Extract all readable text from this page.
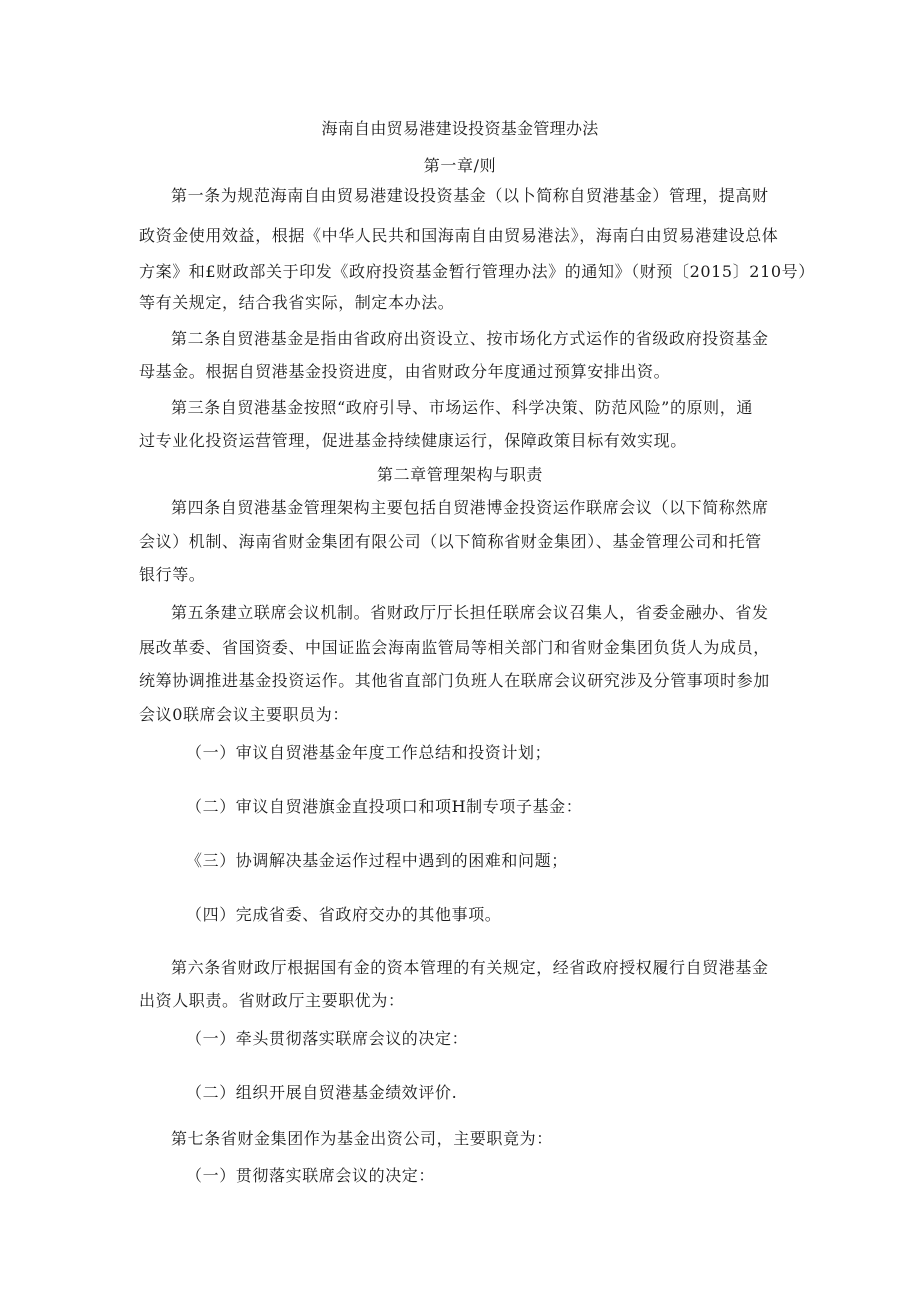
海南自由贸易港建设投资基金管理办法

第一章∕则

第一条为规范海南自由贸易港建设投资基金（以卜简称自贸港基金）管理，提高财

政资金使用效益，根据《中华人民共和国海南自由贸易港法》，海南白由贸易港建设总体

方案》和£财政部关于印发《政府投资基金暂行管理办法》的通知》（财预〔2015〕210号）

等有关规定，结合我省实际，制定本办法。

第二条自贸港基金是指由省政府出资设立、按市场化方式运作的省级政府投资基金

母基金。根据自贸港基金投资进度，由省财政分年度通过预算安排出资。

第三条自贸港基金按照“政府引导、市场运作、科学决策、防范风险”的原则，通

过专业化投资运营管理，促进基金持续健康运行，保障政策目标有效实现。

第二章管理架构与职责

第四条自贸港基金管理架构主要包括自贸港博金投资运作联席会议（以下简称然席

会议）机制、海南省财金集团有限公司（以下简称省财金集团）、基金管理公司和托管

银行等。

第五条建立联席会议机制。省财政厅厅长担任联席会议召集人，省委金融办、省发

展改革委、省国资委、中国证监会海南监管局等相关部门和省财金集团负货人为成员，

统筹协调推进基金投资运作。其他省直部门负班人在联席会议研究涉及分管事项时参加

会议0联席会议主要职员为：

（一）审议自贸港基金年度工作总结和投资计划；

（二）审议自贸港旗金直投项口和项H制专项子基金：

《三）协调解决基金运作过程中遇到的困难和问题；

（四）完成省委、省政府交办的其他事项。

第六条省财政厅根据国有金的资本管理的有关规定，经省政府授权履行自贸港基金

出资人职责。省财政厅主要职优为：

（一）牵头贯彻落实联席会议的决定：

（二）组织开展自贸港基金绩效评价.

第七条省财金集团作为基金出资公司，主要职竟为：

（一）贯彻落实联席会议的决定：
